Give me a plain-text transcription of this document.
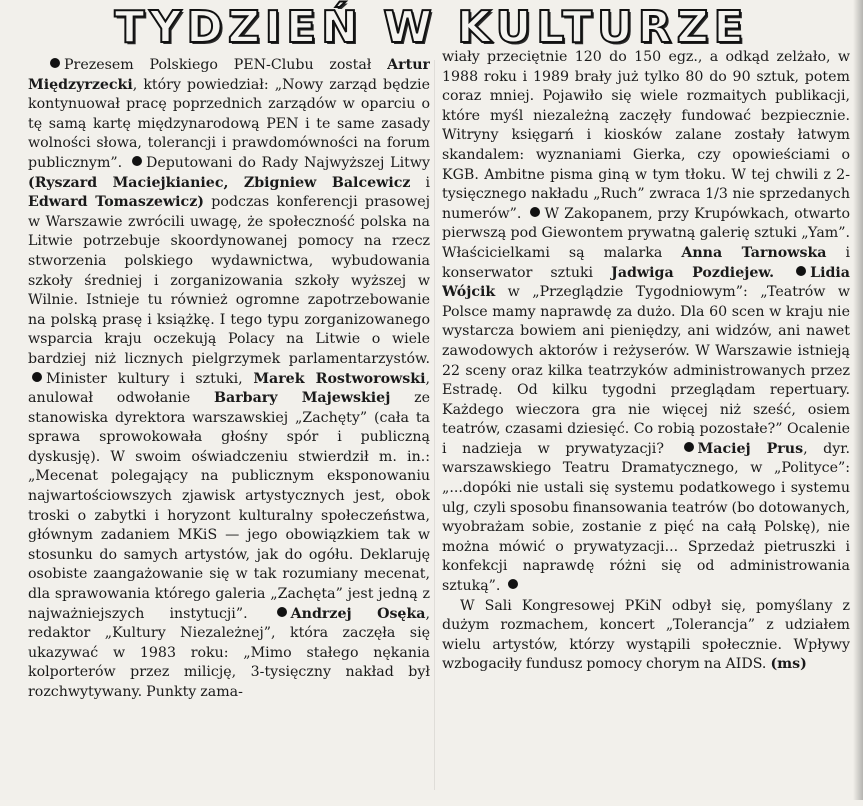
TYDZIEŃ W KULTURZE

Prezesem Polskiego PEN-Clubu został Artur Międzyrzecki, który powiedział: „Nowy zarząd będzie kontynuował pracę poprzednich zarządów w oparciu o tę samą kartę międzynarodową PEN i te same zasady wolności słowa, tolerancji i prawdomówności na forum publicznym”. Deputowani do Rady Najwyższej Litwy (Ryszard Maciejkianiec, Zbigniew Balcewicz i Edward Tomaszewicz) podczas konferencji prasowej w Warszawie zwrócili uwagę, że społeczność polska na Litwie potrzebuje skoordynowanej pomocy na rzecz stworzenia polskiego wydawnictwa, wybudowania szkoły średniej i zorganizowania szkoły wyższej w Wilnie. Istnieje tu również ogromne zapotrzebowanie na polską prasę i książkę. I tego typu zorganizowanego wsparcia kraju oczekują Polacy na Litwie o wiele bardziej niż licznych pielgrzymek parlamentarzystów. Minister kultury i sztuki, Marek Rostworowski, anulował odwołanie Barbary Majewskiej ze stanowiska dyrektora warszawskiej „Zachęty” (cała ta sprawa sprowokowała głośny spór i publiczną dyskusję). W swoim oświadczeniu stwierdził m. in.: „Mecenat polegający na publicznym eksponowaniu najwartościowszych zjawisk artystycznych jest, obok troski o zabytki i horyzont kulturalny społeczeństwa, głównym zadaniem MKiS — jego obowiązkiem tak w stosunku do samych artystów, jak do ogółu. Deklaruję osobiste zaangażowanie się w tak rozumiany mecenat, dla sprawowania którego galeria „Zachęta” jest jedną z najważniejszych instytucji”.	Andrzej Osęka, redaktor „Kultury Niezależnej”, która zaczęła się ukazywać w 1983 roku: „Mimo stałego nękania kolporterów przez milicję, 3-tysięczny nakład był rozchwytywany. Punkty zama-

wiały przeciętnie 120 do 150 egz., a odkąd zelżało, w 1988 roku i 1989 brały już tylko 80 do 90 sztuk, potem coraz mniej. Pojawiło się wiele rozmaitych publikacji, które myśl niezależną zaczęły fundować bezpiecznie. Witryny księgarń i kiosków zalane zostały łatwym skandalem: wyznaniami Gierka, czy opowieściami o KGB. Ambitne pisma giną w tym tłoku. W tej chwili z 2-tysięcznego nakładu „Ruch” zwraca 1/3 nie sprzedanych numerów”. W Zakopanem, przy Krupówkach, otwarto pierwszą pod Giewontem prywatną galerię sztuki „Yam”. Właścicielkami są malarka Anna Tarnowska i konserwator sztuki Jadwiga Pozdiejew.	Lidia Wójcik w „Przeglądzie Tygodniowym”: „Teatrów w Polsce mamy naprawdę za dużo. Dla 60 scen w kraju nie wystarcza bowiem ani pieniędzy, ani widzów, ani nawet zawodowych aktorów i reżyserów. W Warszawie istnieją 22 sceny oraz kilka teatrzyków administrowanych przez Estradę. Od kilku tygodni przeglądam repertuary. Każdego wieczora gra nie więcej niż sześć, osiem teatrów, czasami dziesięć. Co robią pozostałe?” Ocalenie i nadzieja w prywatyzacji? Maciej Prus, dyr. warszawskiego Teatru Dramatycznego, w „Polityce”: „...dopóki nie ustali się systemu podatkowego i systemu ulg, czyli sposobu finansowania teatrów (bo dotowanych, wyobrażam sobie, zostanie z pięć na całą Polskę), nie można mówić o prywatyzacji... Sprzedaż pietruszki i konfekcji naprawdę różni się od administrowania sztuką”.
W Sali Kongresowej PKiN odbył się, pomyślany z dużym rozmachem, koncert „Tolerancja” z udziałem wielu artystów, którzy wystąpili społecznie. Wpływy wzbogaciły fundusz pomocy chorym na AIDS. (ms)
